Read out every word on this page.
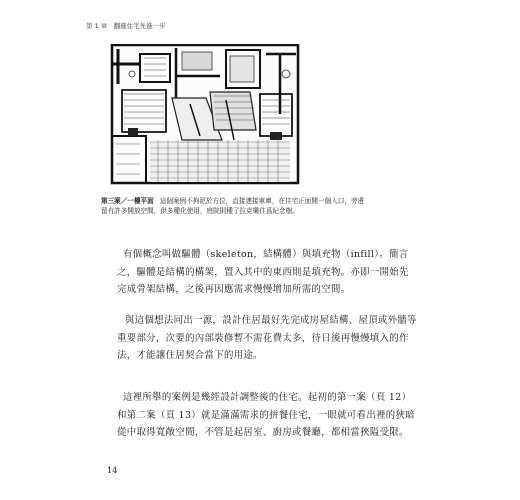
第 1 章　翻進住宅先進一步
第三案／一樓平面 這個案例不拘泥於方位，直接連接車庫，在住宅正面開一個入口，旁邊留有許多開放空間，供多種化使用，庭院則種了拉克樂住爲紀念樹。

有個概念叫做驅體（skeleton，結構體）與填充物（infill）。簡言之，驅體是結構的構架，置入其中的東西則是填充物。亦即一開始先完成骨架結構，之後再因應需求慢慢增加所需的空間。

與這個想法同出一源，設計住居最好先完成房屋結構、屋頂或外牆等重要部分，次要的內部裝修暫不需花費太多，待日後再慢慢填入的作法，才能讓住居契合當下的用途。

這裡所舉的案例是幾經設計調整後的住宅。起初的第一案（頁 12）和第二案（頁 13）就是滿滿需求的拼餐住宅，一眼就可看出裡的狹暗從中取得寬敞空間，不管是起居室、廚房或餐廳，都相當狹隘受限。

14
